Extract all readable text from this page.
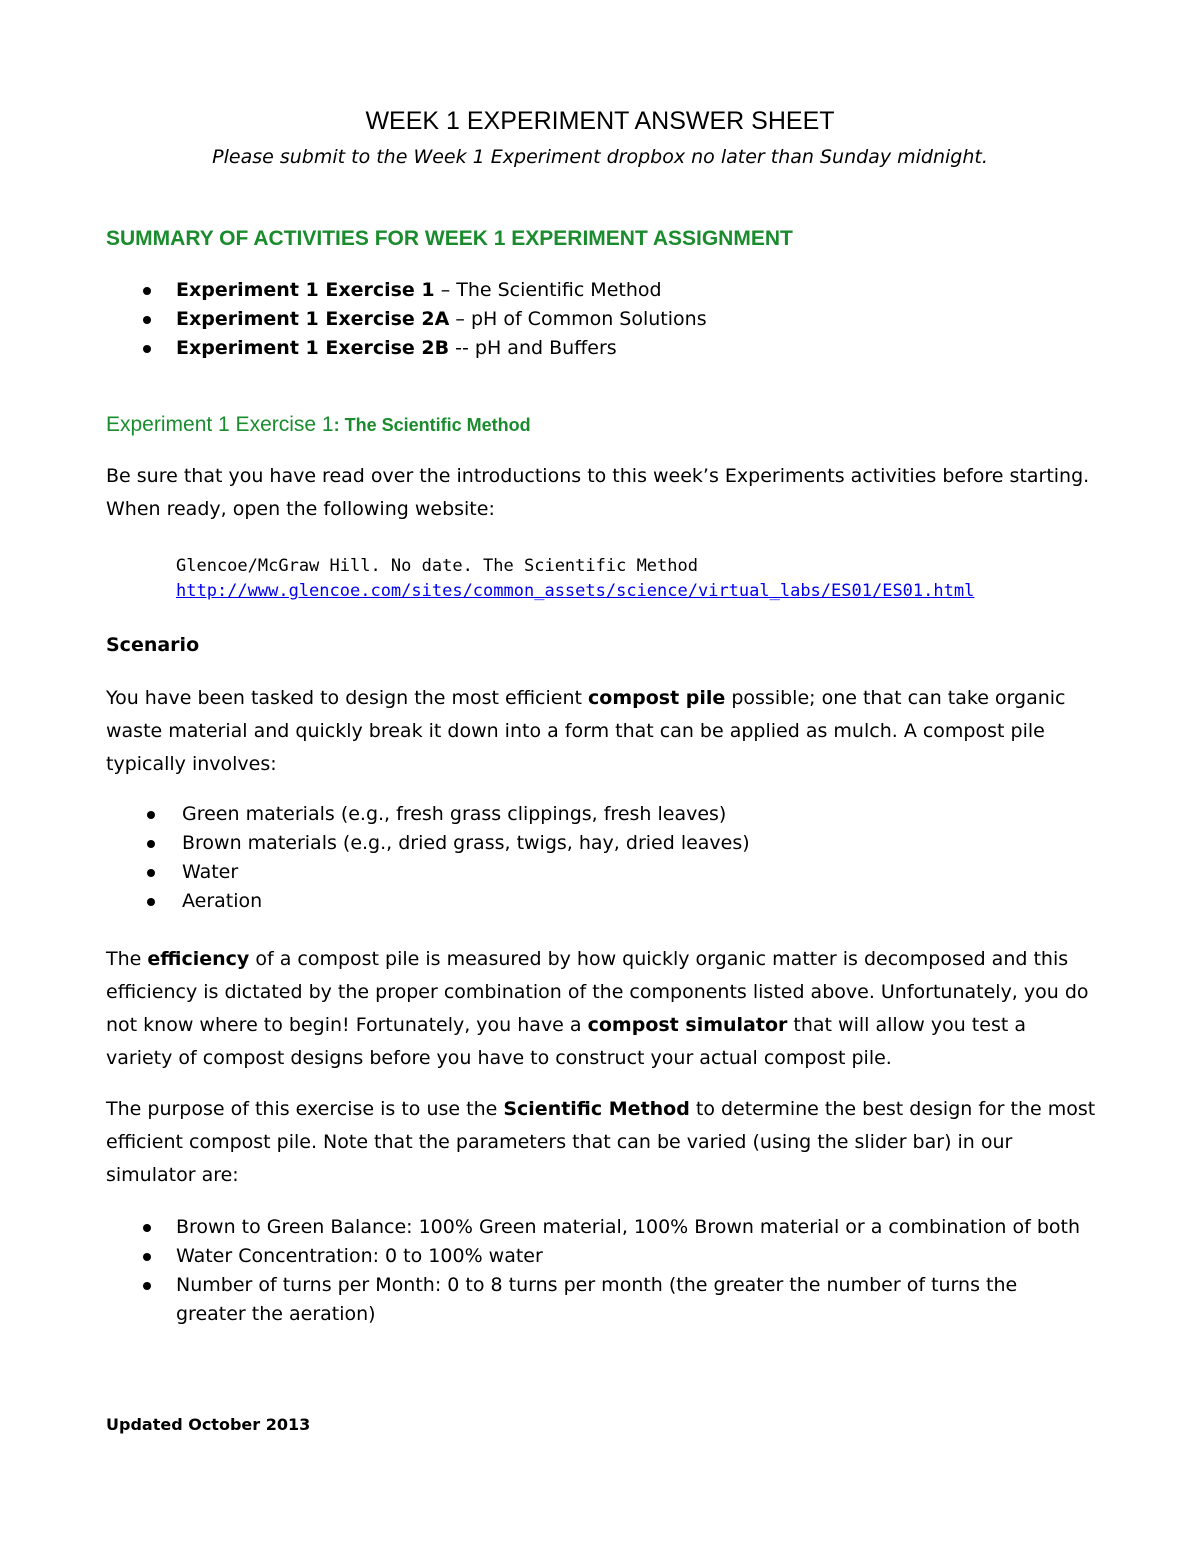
WEEK 1 EXPERIMENT ANSWER SHEET

Please submit to the Week 1 Experiment dropbox no later than Sunday midnight.

SUMMARY OF ACTIVITIES FOR WEEK 1 EXPERIMENT ASSIGNMENT
Experiment 1 Exercise 1 – The Scientific Method
Experiment 1 Exercise 2A – pH of Common Solutions
Experiment 1 Exercise 2B -- pH and Buffers
Experiment 1 Exercise 1: The Scientific Method

Be sure that you have read over the introductions to this week’s Experiments activities before starting. When ready, open the following website:

Glencoe/McGraw Hill. No date. The Scientific Method

http://www.glencoe.com/sites/common_assets/science/virtual_labs/ES01/ES01.html

Scenario

You have been tasked to design the most efficient compost pile possible; one that can take organic waste material and quickly break it down into a form that can be applied as mulch. A compost pile typically involves:

Green materials (e.g., fresh grass clippings, fresh leaves)
Brown materials (e.g., dried grass, twigs, hay, dried leaves)
Water
Aeration

The efficiency of a compost pile is measured by how quickly organic matter is decomposed and this efficiency is dictated by the proper combination of the components listed above. Unfortunately, you do not know where to begin! Fortunately, you have a compost simulator that will allow you test a variety of compost designs before you have to construct your actual compost pile.

The purpose of this exercise is to use the Scientific Method to determine the best design for the most efficient compost pile. Note that the parameters that can be varied (using the slider bar) in our simulator are:

Brown to Green Balance: 100% Green material, 100% Brown material or a combination of both
Water Concentration: 0 to 100% water
Number of turns per Month: 0 to 8 turns per month (the greater the number of turns the
greater the aeration)

Updated October 2013
